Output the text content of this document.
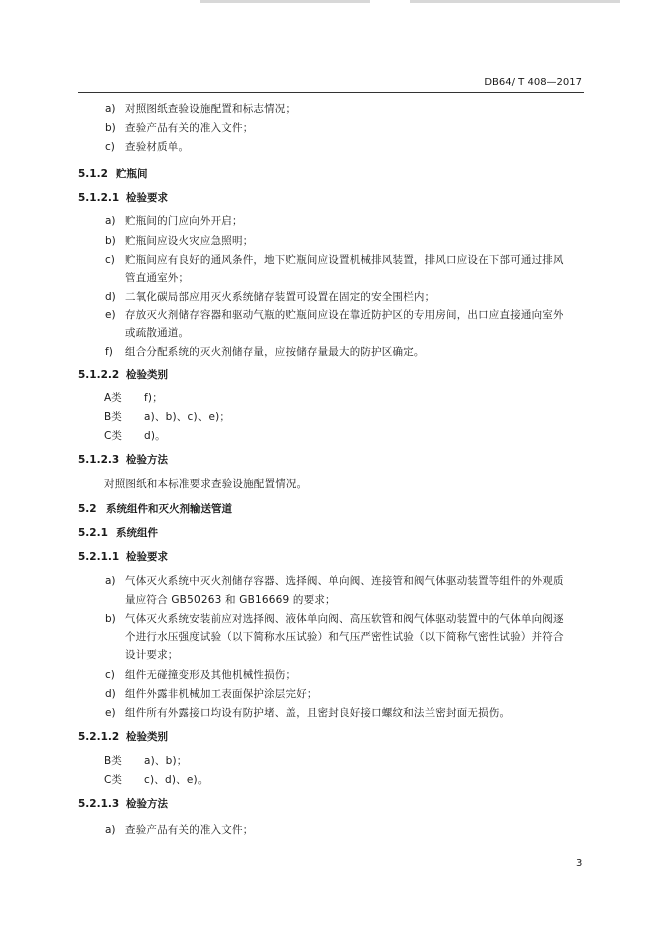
DB64/ T 408—2017
a) 对照图纸查验设施配置和标志情况；
b) 查验产品有关的准入文件；
c) 查验材质单。
5.1.2 贮瓶间
5.1.2.1 检验要求
a) 贮瓶间的门应向外开启；
b) 贮瓶间应设火灾应急照明；
c) 贮瓶间应有良好的通风条件，地下贮瓶间应设置机械排风装置，排风口应设在下部可通过排风
管直通室外；
d) 二氧化碳局部应用灭火系统储存装置可设置在固定的安全围栏内；
e) 存放灭火剂储存容器和驱动气瓶的贮瓶间应设在靠近防护区的专用房间，出口应直接通向室外
或疏散通道。
f) 组合分配系统的灭火剂储存量，应按储存量最大的防护区确定。
5.1.2.2 检验类别
A类 f)；
B类 a)、b)、c)、e)；
C类 d)。
5.1.2.3 检验方法
对照图纸和本标准要求查验设施配置情况。
5.2 系统组件和灭火剂输送管道
5.2.1 系统组件
5.2.1.1 检验要求
a) 气体灭火系统中灭火剂储存容器、选择阀、单向阀、连接管和阀气体驱动装置等组件的外观质
量应符合 GB50263 和 GB16669 的要求；
b) 气体灭火系统安装前应对选择阀、液体单向阀、高压软管和阀气体驱动装置中的气体单向阀逐
个进行水压强度试验（以下简称水压试验）和气压严密性试验（以下简称气密性试验）并符合
设计要求；
c) 组件无碰撞变形及其他机械性损伤；
d) 组件外露非机械加工表面保护涂层完好；
e) 组件所有外露接口均设有防护堵、盖，且密封良好接口螺纹和法兰密封面无损伤。
5.2.1.2 检验类别
B类 a)、b)；
C类 c)、d)、e)。
5.2.1.3 检验方法
a) 查验产品有关的准入文件；
3
